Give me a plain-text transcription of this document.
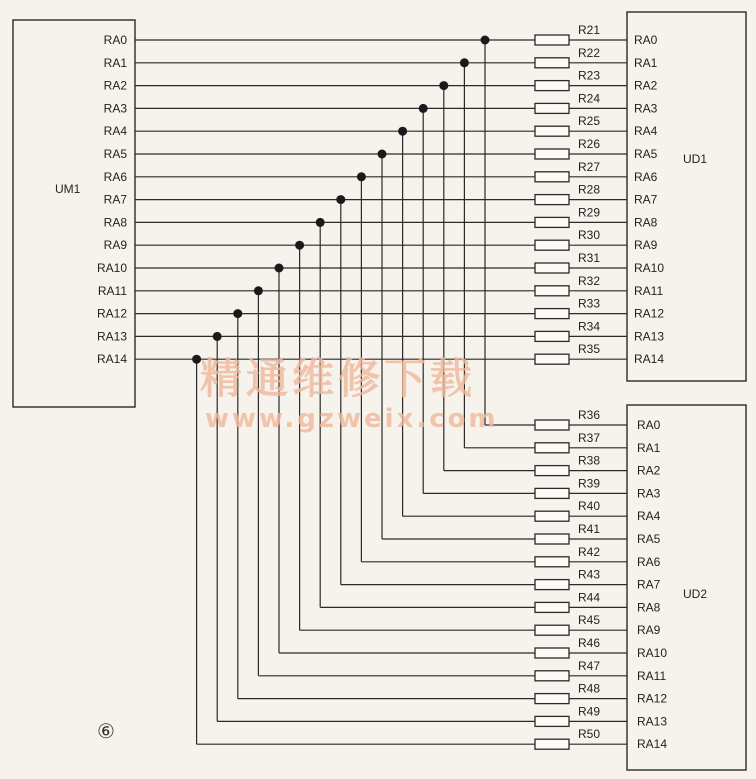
RA0
R21
R36
RA0
RA0
RA1
R22
R37
RA1
RA1
RA2
R23
R38
RA2
RA2
RA3
R24
R39
RA3
RA3
RA4
R25
R40
RA4
RA4
RA5
R26
R41
RA5
RA5
RA6
R27
R42
RA6
RA6
RA7
R28
R43
RA7
RA7
RA8
R29
R44
RA8
RA8
RA9
R30
R45
RA9
RA9
RA10
R31
R46
RA10
RA10
RA11
R32
R47
RA11
RA11
RA12
R33
R48
RA12
RA12
RA13
R34
R49
RA13
RA13
RA14
R35
R50
RA14
RA14
UM1
UD1
UD2
精通维修下载
www.gzweix.com
⑥
